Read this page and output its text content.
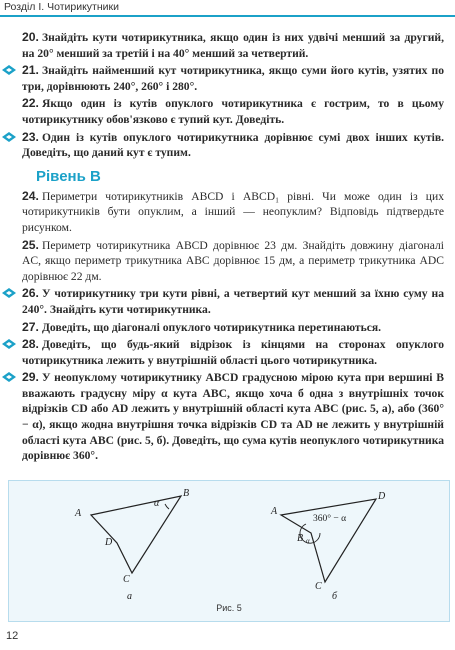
Розділ I. Чотирикутники
20. Знайдіть кути чотирикутника, якщо один із них удвічі менший за другий, на 20° менший за третій і на 40° менший за четвертий.
21. Знайдіть найменший кут чотирикутника, якщо суми його кутів, узятих по три, дорівнюють 240°, 260° і 280°.
22. Якщо один із кутів опуклого чотирикутника є гострим, то в цьому чотирикутнику обов'язково є тупий кут. Доведіть.
23. Один із кутів опуклого чотирикутника дорівнює сумі двох інших кутів. Доведіть, що даний кут є тупим.
Рівень В
24. Периметри чотирикутників ABCD і ABCD₁ рівні. Чи може один із цих чотирикутників бути опуклим, а інший — неопуклим? Відповідь підтвердьте рисунком.
25. Периметр чотирикутника ABCD дорівнює 23 дм. Знайдіть довжину діагоналі AC, якщо периметр трикутника ABC дорівнює 15 дм, а периметр трикутника ADC дорівнює 22 дм.
26. У чотирикутнику три кути рівні, а четвертий кут менший за їхню суму на 240°. Знайдіть кути чотирикутника.
27. Доведіть, що діагоналі опуклого чотирикутника перетинаються.
28. Доведіть, що будь-який відрізок із кінцями на сторонах опуклого чотирикутника лежить у внутрішній області цього чотирикутника.
29. У неопуклому чотирикутнику ABCD градусною мірою кута при вершині B вважають градусну міру α кута ABC, якщо хоча б одна з внутрішніх точок відрізків CD або AD лежить у внутрішній області кута ABC (рис. 5, а), або (360° − α), якщо жодна внутрішня точка відрізків CD та AD не лежить у внутрішній області кута ABC (рис. 5, б). Доведіть, що сума кутів неопуклого чотирикутника дорівнює 360°.
A
B
D
C
α
а
A
D
B α
C
360° − α
б
Рис. 5
12
